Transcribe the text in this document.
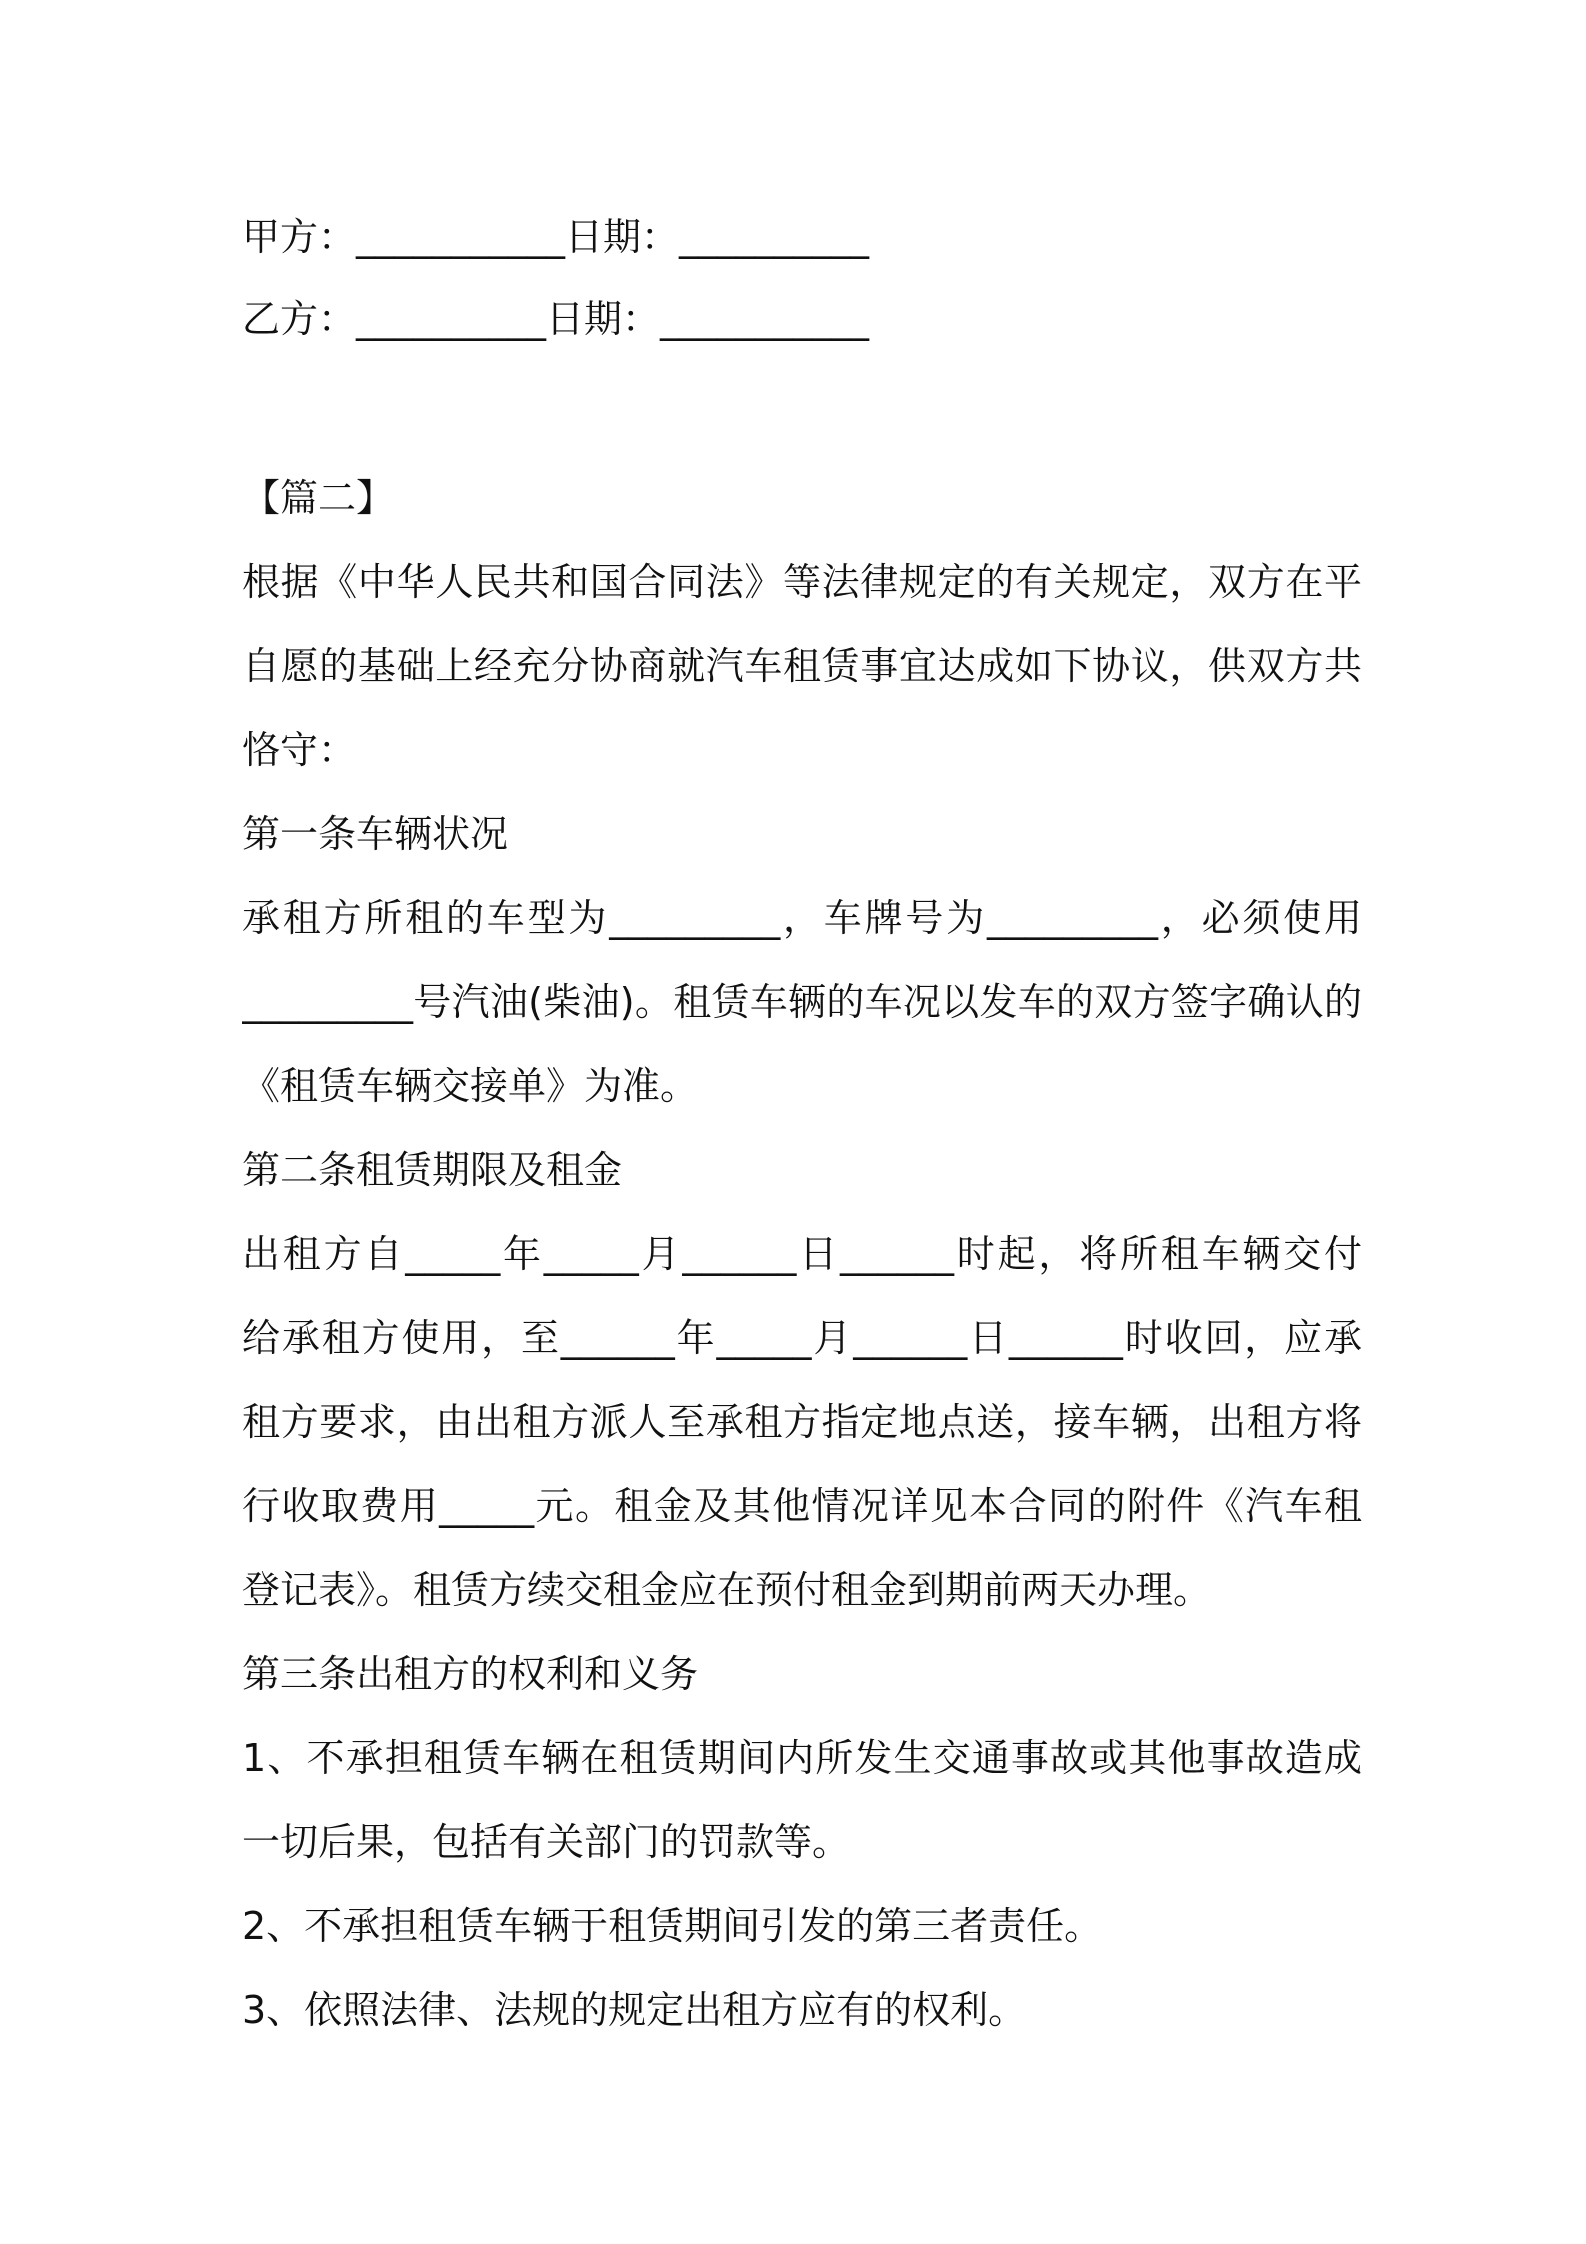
甲方：___________日期：__________

乙方：__________日期：___________

【篇二】

根据《中华人民共和国合同法》等法律规定的有关规定，双方在平

自愿的基础上经充分协商就汽车租赁事宜达成如下协议，供双方共

恪守：

第一条车辆状况

承租方所租的车型为_________，车牌号为_________，必须使用

_________号汽油(柴油)。租赁车辆的车况以发车的双方签字确认的

《租赁车辆交接单》为准。

第二条租赁期限及租金

出租方自_____年_____月______日______时起，将所租车辆交付

给承租方使用，至______年_____月______日______时收回，应承

租方要求，由出租方派人至承租方指定地点送，接车辆，出租方将

行收取费用_____元。租金及其他情况详见本合同的附件《汽车租

登记表》。租赁方续交租金应在预付租金到期前两天办理。

第三条出租方的权利和义务

1、不承担租赁车辆在租赁期间内所发生交通事故或其他事故造成

一切后果，包括有关部门的罚款等。

2、不承担租赁车辆于租赁期间引发的第三者责任。

3、依照法律、法规的规定出租方应有的权利。
